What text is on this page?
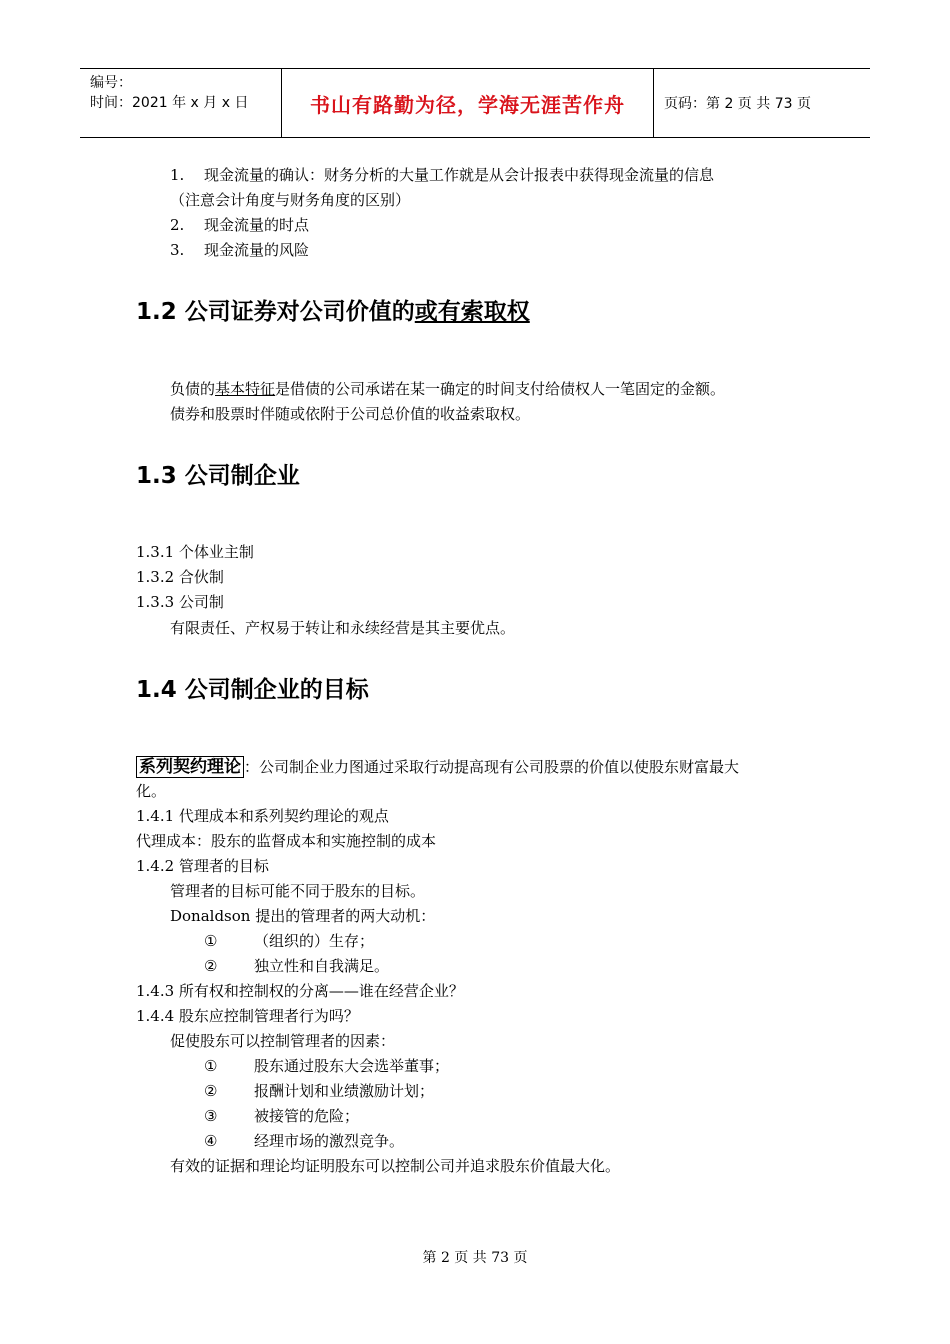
编号：
时间：2021 年 x 月 x 日	书山有路勤为径，学海无涯苦作舟	页码：第 2 页 共 73 页
1. 现金流量的确认：财务分析的大量工作就是从会计报表中获得现金流量的信息
（注意会计角度与财务角度的区别）
2. 现金流量的时点
3. 现金流量的风险
1.2 公司证券对公司价值的或有索取权
负债的基本特征是借债的公司承诺在某一确定的时间支付给债权人一笔固定的金额。
债券和股票时伴随或依附于公司总价值的收益索取权。
1.3 公司制企业
1.3.1 个体业主制
1.3.2 合伙制
1.3.3 公司制
有限责任、产权易于转让和永续经营是其主要优点。
1.4 公司制企业的目标
系列契约理论 ：公司制企业力图通过采取行动提高现有公司股票的价值以使股东财富最大
化。
1.4.1 代理成本和系列契约理论的观点
代理成本：股东的监督成本和实施控制的成本
1.4.2 管理者的目标
管理者的目标可能不同于股东的目标。
Donaldson 提出的管理者的两大动机：
① （组织的）生存；
② 独立性和自我满足。
1.4.3 所有权和控制权的分离——谁在经营企业？
1.4.4 股东应控制管理者行为吗？
促使股东可以控制管理者的因素：
① 股东通过股东大会选举董事；
② 报酬计划和业绩激励计划；
③ 被接管的危险；
④ 经理市场的激烈竞争。
有效的证据和理论均证明股东可以控制公司并追求股东价值最大化。
第 2 页 共 73 页
